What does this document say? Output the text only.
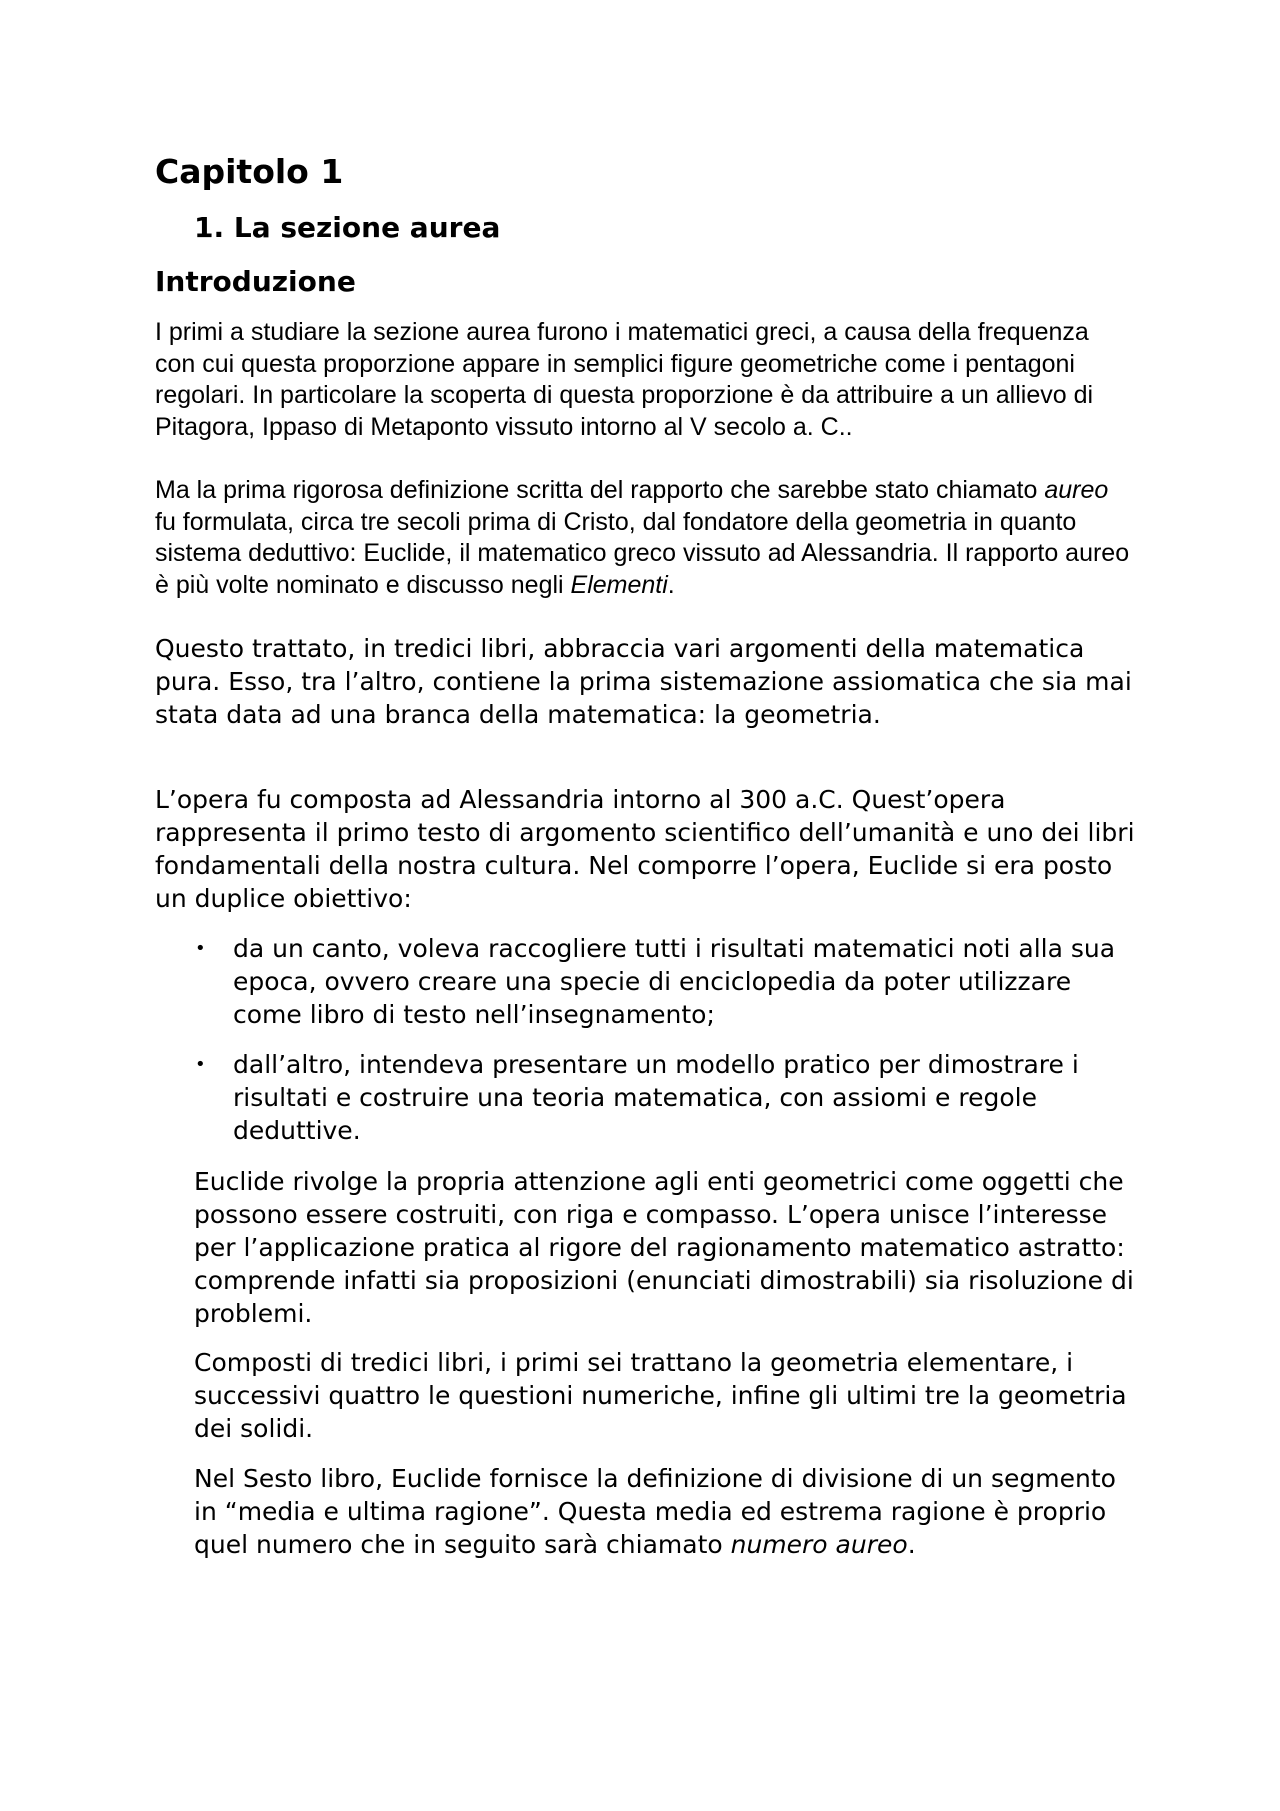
Capitolo 1
1. La sezione aurea
Introduzione

I primi a studiare la sezione aurea furono i matematici greci, a causa della frequenza con cui questa proporzione appare in semplici figure geometriche come i pentagoni regolari. In particolare la scoperta di questa proporzione è da attribuire a un allievo di Pitagora, Ippaso di Metaponto vissuto intorno al V secolo a. C..

Ma la prima rigorosa definizione scritta del rapporto che sarebbe stato chiamato aureo fu formulata, circa tre secoli prima di Cristo, dal fondatore della geometria in quanto sistema deduttivo: Euclide, il matematico greco vissuto ad Alessandria. Il rapporto aureo è più volte nominato e discusso negli Elementi.

Questo trattato, in tredici libri, abbraccia vari argomenti della matematica pura. Esso, tra l’altro, contiene la prima sistemazione assiomatica che sia mai stata data ad una branca della matematica: la geometria.

L’opera fu composta ad Alessandria intorno al 300 a.C. Quest’opera rappresenta il primo testo di argomento scientifico dell’umanità e uno dei libri fondamentali della nostra cultura. Nel comporre l’opera, Euclide si era posto un duplice obiettivo:

• da un canto, voleva raccogliere tutti i risultati matematici noti alla sua epoca, ovvero creare una specie di enciclopedia da poter utilizzare come libro di testo nell’insegnamento;
• dall’altro, intendeva presentare un modello pratico per dimostrare i risultati e costruire una teoria matematica, con assiomi e regole deduttive.

Euclide rivolge la propria attenzione agli enti geometrici come oggetti che possono essere costruiti, con riga e compasso. L’opera unisce l’interesse per l’applicazione pratica al rigore del ragionamento matematico astratto: comprende infatti sia proposizioni (enunciati dimostrabili) sia risoluzione di problemi.

Composti di tredici libri, i primi sei trattano la geometria elementare, i successivi quattro le questioni numeriche, infine gli ultimi tre la geometria dei solidi.

Nel Sesto libro, Euclide fornisce la definizione di divisione di un segmento in “media e ultima ragione”. Questa media ed estrema ragione è proprio quel numero che in seguito sarà chiamato numero aureo.
